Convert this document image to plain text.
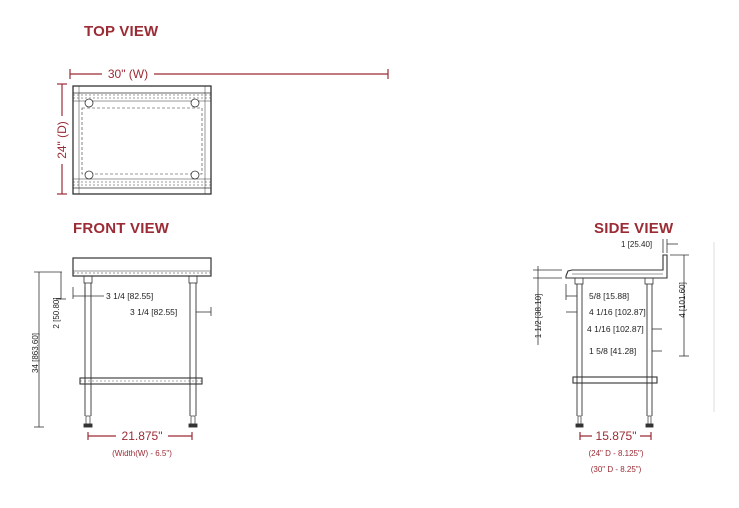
TOP VIEW
FRONT VIEW	SIDE VIEW
30" (W)
24" (D)
34 [863.60]
2 [50.80]
3 1/4 [82.55]
3 1/4 [82.55]
21.875"
(Width(W) - 6.5")
1 [25.40]
4 [101.60]
1 1/2 [38.10]	5/8 [15.88]
4 1/16 [102.87]
4 1/16 [102.87]
1 5/8 [41.28]
15.875"
(24" D - 8.125")
(30" D - 8.25")
